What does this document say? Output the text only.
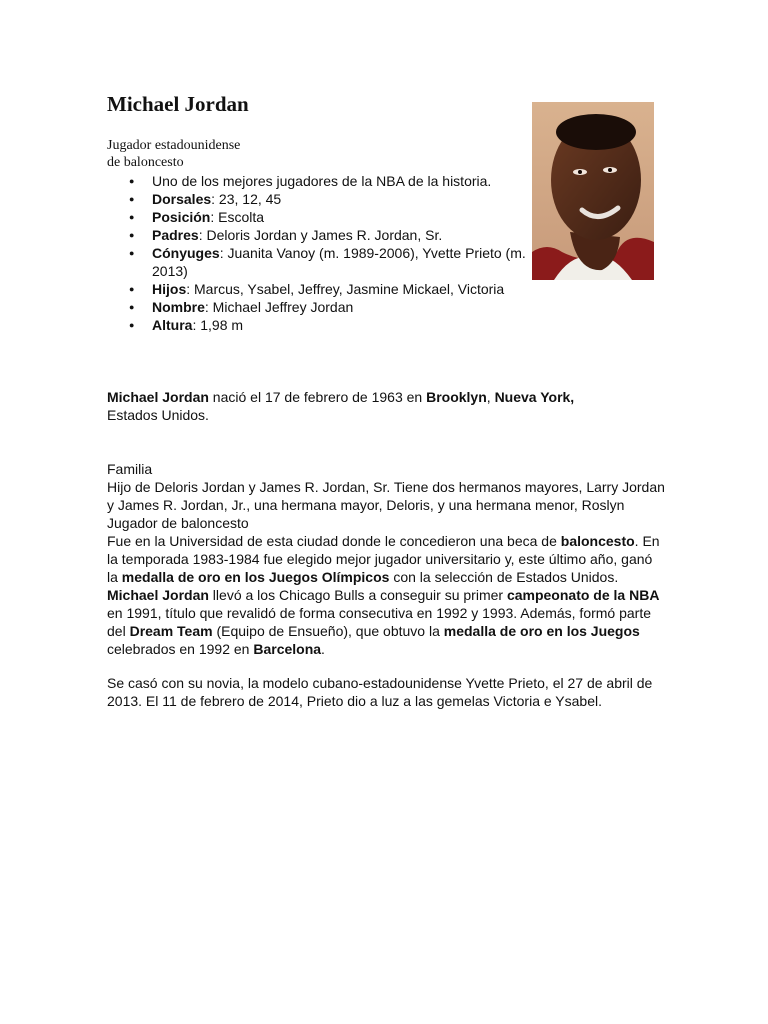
Michael Jordan
Jugador estadounidense
de baloncesto
● Uno de los mejores jugadores de la NBA de la historia.
● Dorsales: 23, 12, 45
● Posición: Escolta
● Padres: Deloris Jordan y James R. Jordan, Sr.
● Cónyuges: Juanita Vanoy (m. 1989-2006), Yvette Prieto (m. 2013)
● Hijos: Marcus, Ysabel, Jeffrey, Jasmine Mickael, Victoria
● Nombre: Michael Jeffrey Jordan
● Altura: 1,98 m

Michael Jordan nació el 17 de febrero de 1963 en Brooklyn, Nueva York, Estados Unidos.

Familia

Hijo de Deloris Jordan y James R. Jordan, Sr. Tiene dos hermanos mayores, Larry Jordan y James R. Jordan, Jr., una hermana mayor, Deloris, y una hermana menor, Roslyn

Jugador de baloncesto

Fue en la Universidad de esta ciudad donde le concedieron una beca de baloncesto. En la temporada 1983-1984 fue elegido mejor jugador universitario y, este último año, ganó la medalla de oro en los Juegos Olímpicos con la selección de Estados Unidos.
Michael Jordan llevó a los Chicago Bulls a conseguir su primer campeonato de la NBA en 1991, título que revalidó de forma consecutiva en 1992 y 1993. Además, formó parte del Dream Team (Equipo de Ensueño), que obtuvo la medalla de oro en los Juegos celebrados en 1992 en Barcelona.

Se casó con su novia, la modelo cubano-estadounidense Yvette Prieto, el 27 de abril de 2013. El 11 de febrero de 2014, Prieto dio a luz a las gemelas Victoria e Ysabel.
